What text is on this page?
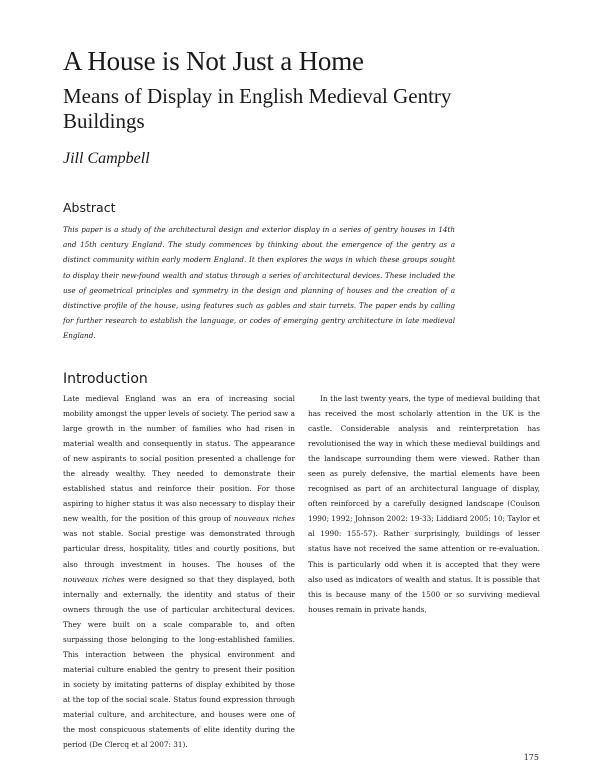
A House is Not Just a Home
Means of Display in English Medieval Gentry Buildings
Jill Campbell
Abstract
This paper is a study of the architectural design and exterior display in a series of gentry houses in 14th and 15th century England. The study commences by thinking about the emergence of the gentry as a distinct community within early modern England. It then explores the ways in which these groups sought to display their new-found wealth and status through a series of architectural devices. These included the use of geometrical principles and symmetry in the design and planning of houses and the creation of a distinctive profile of the house, using features such as gables and stair turrets. The paper ends by calling for further research to establish the language, or codes of emerging gentry architecture in late medieval England.
Introduction

Late medieval England was an era of increasing social mobility amongst the upper levels of society. The period saw a large growth in the number of families who had risen in material wealth and consequently in status. The appearance of new aspirants to social position presented a challenge for the already wealthy. They needed to demonstrate their established status and reinforce their position. For those aspiring to higher status it was also necessary to display their new wealth, for the position of this group of nouveaux riches was not stable. Social prestige was demonstrated through particular dress, hospitality, titles and courtly positions, but also through investment in houses. The houses of the nouveaux riches were designed so that they displayed, both internally and externally, the identity and status of their owners through the use of particular architectural devices. They were built on a scale comparable to, and often surpassing those belonging to the long-established families. This interaction between the physical environment and material culture enabled the gentry to present their position in society by imitating patterns of display exhibited by those at the top of the social scale. Status found expression through material culture, and architecture, and houses were one of the most conspicuous statements of elite identity during the period (De Clercq et al 2007: 31).

In the last twenty years, the type of medieval building that has received the most scholarly attention in the UK is the castle. Considerable analysis and reinterpretation has revolutionised the way in which these medieval buildings and the landscape surrounding them were viewed. Rather than seen as purely defensive, the martial elements have been recognised as part of an architectural language of display, often reinforced by a carefully designed landscape (Coulson 1990; 1992; Johnson 2002: 19-33; Liddiard 2005: 10; Taylor et al 1990: 155-57). Rather surprisingly, buildings of lesser status have not received the same attention or re-evaluation. This is particularly odd when it is accepted that they were also used as indicators of wealth and status. It is possible that this is because many of the 1500 or so surviving medieval houses remain in private hands,

175
